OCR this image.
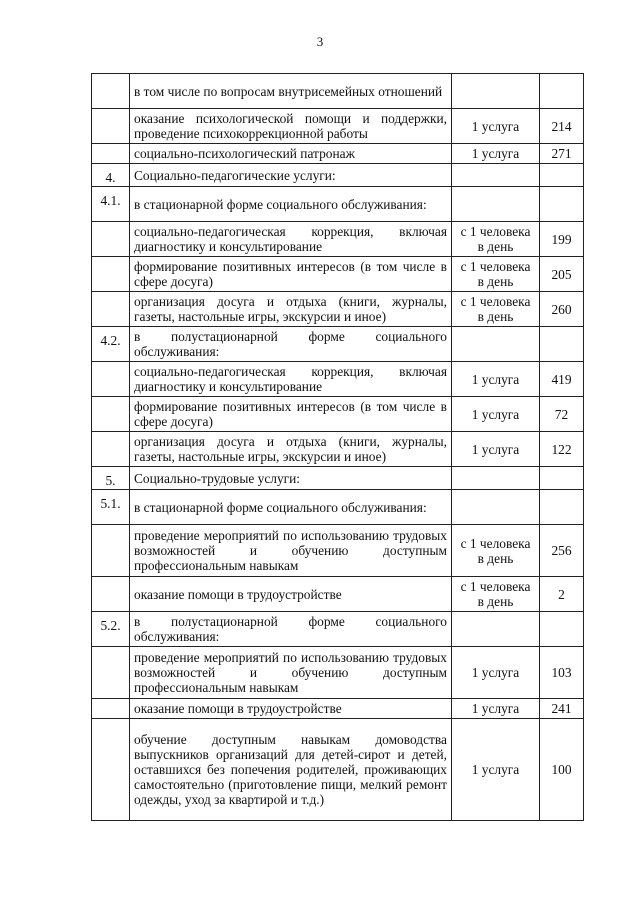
3
	в том числе по вопросам внутрисемейных отношений		
	оказание психологической помощи и поддержки, проведение психокоррекционной работы	1 услуга	214
	социально-психологический патронаж	1 услуга	271
4.	Социально-педагогические услуги:		
4.1.	в стационарной форме социального обслуживания:		
	социально-педагогическая коррекция, включая диагностику и консультирование	с 1 человека в день	199
	формирование позитивных интересов (в том числе в сфере досуга)	с 1 человека в день	205
	организация досуга и отдыха (книги, журналы, газеты, настольные игры, экскурсии и иное)	с 1 человека в день	260
4.2.	в полустационарной форме социального обслуживания:		
	социально-педагогическая коррекция, включая диагностику и консультирование	1 услуга	419
	формирование позитивных интересов (в том числе в сфере досуга)	1 услуга	72
	организация досуга и отдыха (книги, журналы, газеты, настольные игры, экскурсии и иное)	1 услуга	122
5.	Социально-трудовые услуги:		
5.1.	в стационарной форме социального обслуживания:		
	проведение мероприятий по использованию трудовых возможностей и обучению доступным профессиональным навыкам	с 1 человека в день	256
	оказание помощи в трудоустройстве	с 1 человека в день	2
5.2.	в полустационарной форме социального обслуживания:		
	проведение мероприятий по использованию трудовых возможностей и обучению доступным профессиональным навыкам	1 услуга	103
	оказание помощи в трудоустройстве	1 услуга	241
	обучение доступным навыкам домоводства выпускников организаций для детей-сирот и детей, оставшихся без попечения родителей, проживающих самостоятельно (приготовление пищи, мелкий ремонт одежды, уход за квартирой и т.д.)	1 услуга	100
